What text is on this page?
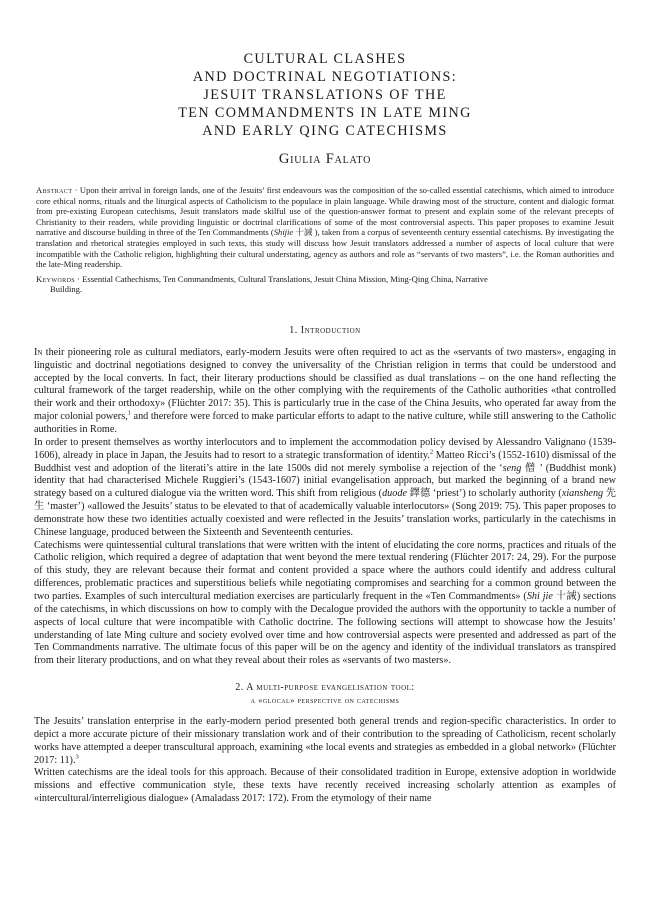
CULTURAL CLASHES
AND DOCTRINAL NEGOTIATIONS:
JESUIT TRANSLATIONS OF THE
TEN COMMANDMENTS IN LATE MING
AND EARLY QING CATECHISMS
Giulia Falato
Abstract · Upon their arrival in foreign lands, one of the Jesuits’ first endeavours was the composition of the so-called essential catechisms, which aimed to introduce core ethical norms, rituals and the liturgical aspects of Catholicism to the populace in plain language. While drawing most of the structure, content and dialogic format from pre-existing European catechisms, Jesuit translators made skilful use of the question-answer format to present and explain some of the relevant precepts of Christianity to their readers, while providing linguistic or doctrinal clarifications of some of the most controversial aspects. This paper proposes to examine Jesuit narrative and discourse building in three of the Ten Commandments (Shijie 十誡 ), taken from a corpus of seventeenth century essential catechisms. By investigating the translation and rhetorical strategies employed in such texts, this study will discuss how Jesuit translators addressed a number of aspects of local culture that were incompatible with the Catholic religion, highlighting their cultural understating, agency as authors and role as “servants of two masters”, i.e. the Roman authorities and the late-Ming readership.
Keywords · Essential Cathechisms, Ten Commandments, Cultural Translations, Jesuit China Mission, Ming-Qing China, Narrative
Building.
1. Introduction

In their pioneering role as cultural mediators, early-modern Jesuits were often required to act as the «servants of two masters», engaging in linguistic and doctrinal negotiations designed to convey the universality of the Christian religion in terms that could be understood and accepted by the local converts. In fact, their literary productions should be classified as dual translations – on the one hand reflecting the cultural framework of the target readership, while on the other complying with the requirements of the Catholic authorities «that controlled their work and their orthodoxy» (Flüchter 2017: 35). This is particularly true in the case of the China Jesuits, who operated far away from the major colonial powers,$^1$ and therefore were forced to make particular efforts to adapt to the native culture, while still answering to the Catholic authorities in Rome.

In order to present themselves as worthy interlocutors and to implement the accommodation policy devised by Alessandro Valignano (1539-1606), already in place in Japan, the Jesuits had to resort to a strategic transformation of identity.$^2$ Matteo Ricci’s (1552-1610) dismissal of the Buddhist vest and adoption of the literati’s attire in the late 1500s did not merely symbolise a rejection of the ‘seng 僧 ’ (Buddhist monk) identity that had characterised Michele Ruggieri’s (1543-1607) initial evangelisation approach, but marked the beginning of a brand new strategy based on a cultured dialogue via the written word. This shift from religious (duode 鐸德 ‘priest’) to scholarly authority (xiansheng 先生 ‘master’) «allowed the Jesuits’ status to be elevated to that of academically valuable interlocutors» (Song 2019: 75). This paper proposes to demonstrate how these two identities actually coexisted and were reflected in the Jesuits’ translation works, particularly in the catechisms in Chinese language, produced between the Sixteenth and Seventeenth centuries.

Catechisms were quintessential cultural translations that were written with the intent of elucidating the core norms, practices and rituals of the Catholic religion, which required a degree of adaptation that went beyond the mere textual rendering (Flüchter 2017: 24, 29). For the purpose of this study, they are relevant because their format and content provided a space where the authors could identify and address cultural differences, problematic practices and superstitious beliefs while negotiating compromises and searching for a common ground between the two parties. Examples of such intercultural mediation exercises are particularly frequent in the «Ten Commandments» (Shi jie 十誡) sections of the catechisms, in which discussions on how to comply with the Decalogue provided the authors with the opportunity to tackle a number of aspects of local culture that were incompatible with Catholic doctrine. The following sections will attempt to showcase how the Jesuits’ understanding of late Ming culture and society evolved over time and how controversial aspects were presented and addressed as part of the Ten Commandments narrative. The ultimate focus of this paper will be on the agency and identity of the individual translators as transpired from their literary productions, and on what they reveal about their roles as «servants of two masters».

2. A multi-purpose evangelisation tool:
a «glocal» perspective on catechisms

The Jesuits’ translation enterprise in the early-modern period presented both general trends and region-specific characteristics. In order to depict a more accurate picture of their missionary translation work and of their contribution to the spreading of Catholicism, recent scholarly works have attempted a deeper transcultural approach, examining «the local events and strategies as embedded in a global network» (Flüchter 2017: 11).$^3$

Written catechisms are the ideal tools for this approach. Because of their consolidated tradition in Europe, extensive adoption in worldwide missions and effective communication style, these texts have recently received increasing scholarly attention as examples of «intercultural/interreligious dialogue» (Amaladass 2017: 172). From the etymology of their name
